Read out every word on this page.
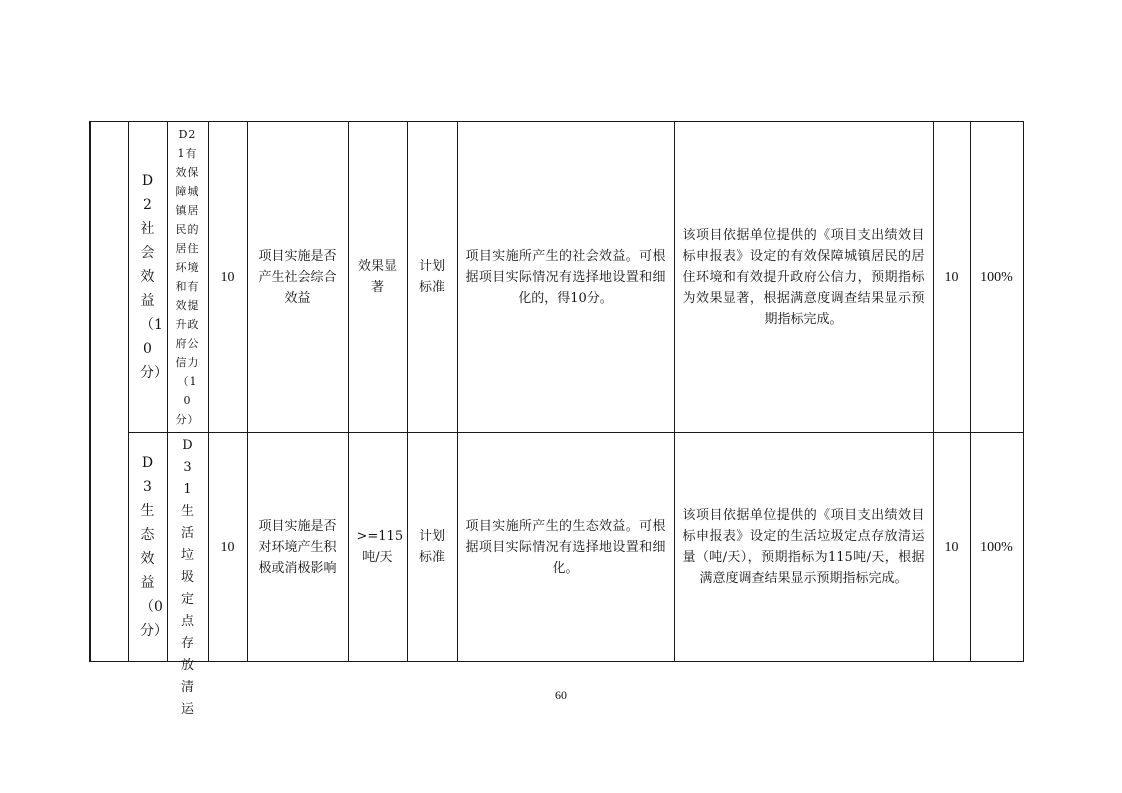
	D2社会效益（10分）	D21有效保障城镇居民的居住环境和有效提升政府公信力（10分）	10	项目实施是否产生社会综合效益	效果显著	计划标准	项目实施所产生的社会效益。可根据项目实际情况有选择地设置和细化的，得10分。	该项目依据单位提供的《项目支出绩效目标申报表》设定的有效保障城镇居民的居住环境和有效提升政府公信力，预期指标为效果显著，根据满意度调查结果显示预期指标完成。	10	100%

	D3生态效益（0分）	D31生活垃圾定点存放清运	10	项目实施是否对环境产生积极或消极影响	>=115吨/天	计划标准	项目实施所产生的生态效益。可根据项目实际情况有选择地设置和细化。	该项目依据单位提供的《项目支出绩效目标申报表》设定的生活垃圾定点存放清运量（吨/天），预期指标为115吨/天，根据满意度调查结果显示预期指标完成。	10	100%
60
